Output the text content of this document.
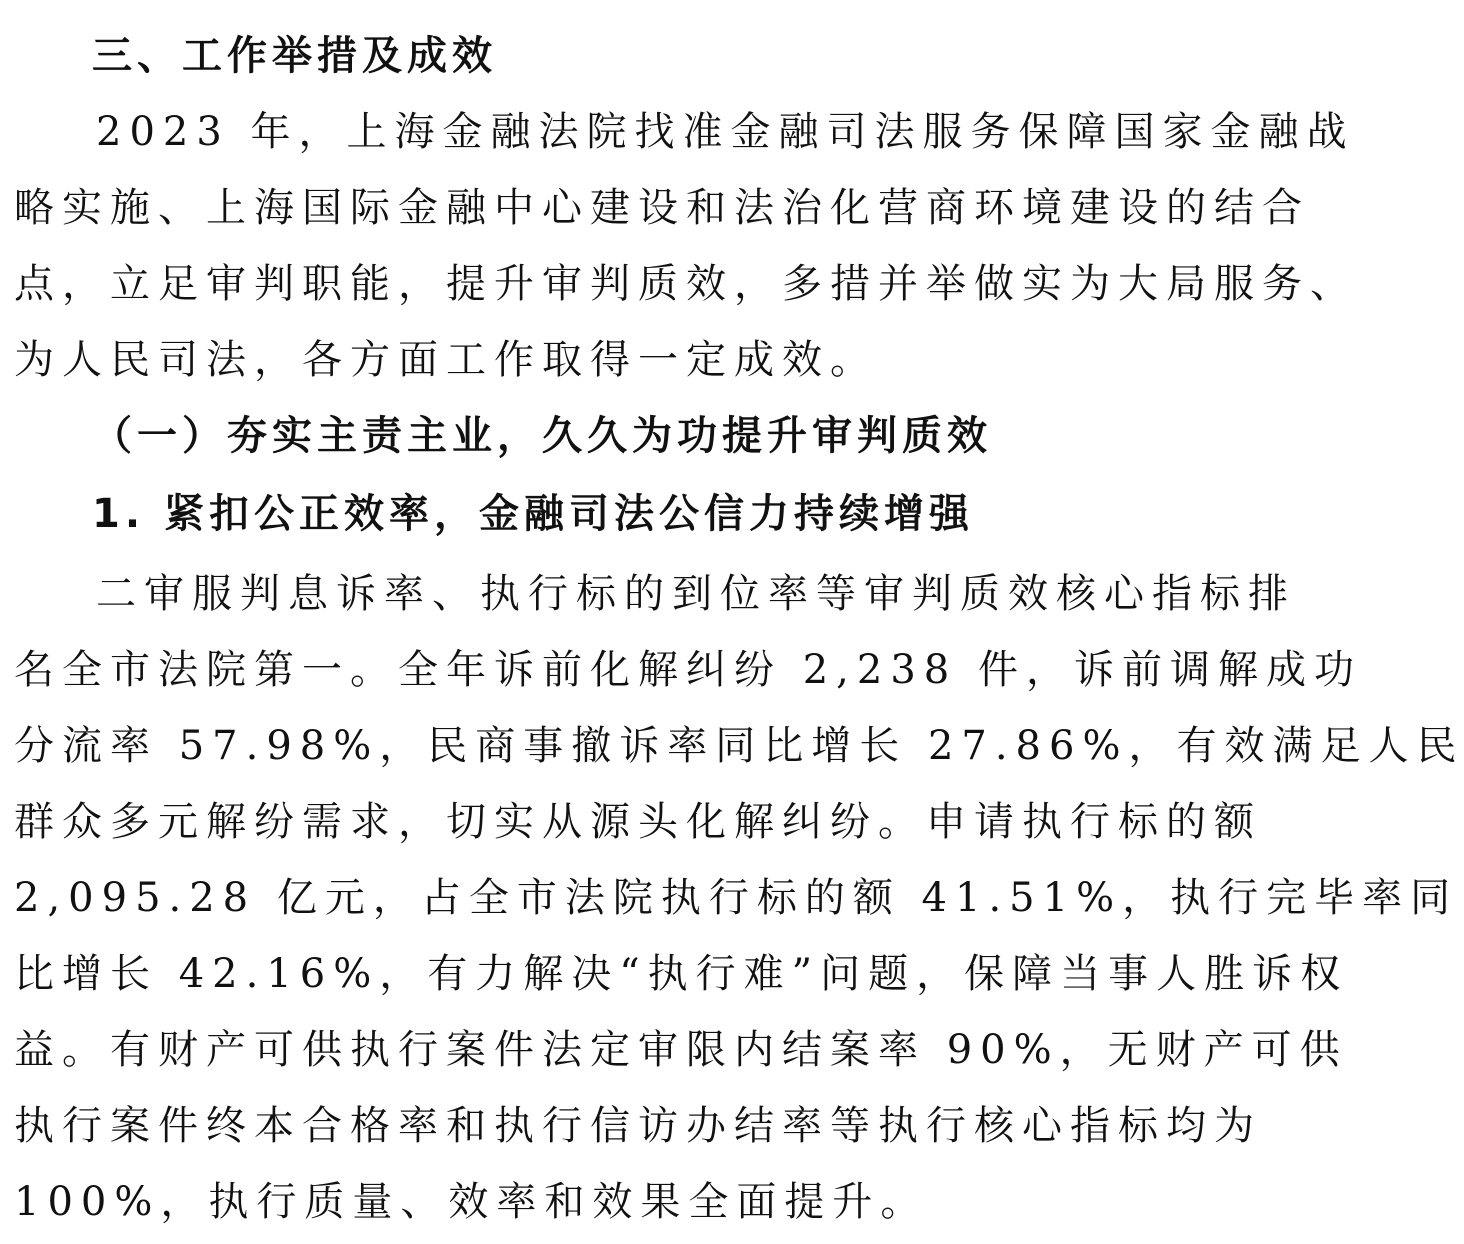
三、工作举措及成效
2023 年，上海金融法院找准金融司法服务保障国家金融战
略实施、上海国际金融中心建设和法治化营商环境建设的结合
点，立足审判职能，提升审判质效，多措并举做实为大局服务、
为人民司法，各方面工作取得一定成效。
（一）夯实主责主业，久久为功提升审判质效
1. 紧扣公正效率，金融司法公信力持续增强
二审服判息诉率、执行标的到位率等审判质效核心指标排
名全市法院第一。全年诉前化解纠纷 2,238 件，诉前调解成功
分流率 57.98%，民商事撤诉率同比增长 27.86%，有效满足人民
群众多元解纷需求，切实从源头化解纠纷。申请执行标的额
2,095.28 亿元，占全市法院执行标的额 41.51%，执行完毕率同
比增长 42.16%，有力解决“执行难”问题，保障当事人胜诉权
益。有财产可供执行案件法定审限内结案率 90%，无财产可供
执行案件终本合格率和执行信访办结率等执行核心指标均为
100%，执行质量、效率和效果全面提升。
